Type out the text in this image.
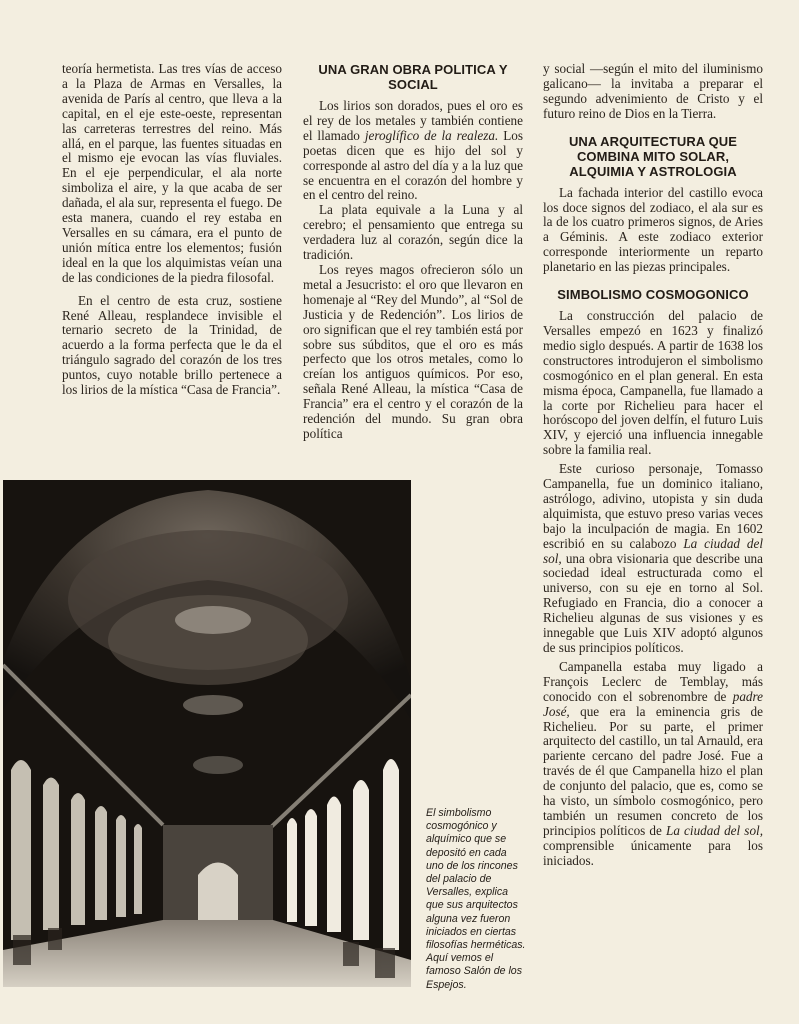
teoría hermetista. Las tres vías de acceso a la Plaza de Armas en Versalles, la avenida de París al centro, que lleva a la capital, en el eje este-oeste, representan las carreteras terrestres del reino. Más allá, en el parque, las fuentes situadas en el mismo eje evocan las vías fluviales. En el eje perpendicular, el ala norte simboliza el aire, y la que acaba de ser dañada, el ala sur, representa el fuego. De esta manera, cuando el rey estaba en Versalles en su cámara, era el punto de unión mítica entre los elementos; fusión ideal en la que los alquimistas veían una de las condiciones de la piedra filosofal.

En el centro de esta cruz, sostiene René Alleau, resplandece invisible el ternario secreto de la Trinidad, de acuerdo a la forma perfecta que le da el triángulo sagrado del corazón de los tres puntos, cuyo notable brillo pertenece a los lirios de la mística “Casa de Francia”.

UNA GRAN OBRA POLITICA Y SOCIAL

Los lirios son dorados, pues el oro es el rey de los metales y también contiene el llamado jeroglífico de la realeza. Los poetas dicen que es hijo del sol y corresponde al astro del día y a la luz que se encuentra en el corazón del hombre y en el centro del reino.

La plata equivale a la Luna y al cerebro; el pensamiento que entrega su verdadera luz al corazón, según dice la tradición.

Los reyes magos ofrecieron sólo un metal a Jesucristo: el oro que llevaron en homenaje al “Rey del Mundo”, al “Sol de Justicia y de Redención”. Los lirios de oro significan que el rey también está por sobre sus súbditos, que el oro es más perfecto que los otros metales, como lo creían los antiguos químicos. Por eso, señala René Alleau, la mística “Casa de Francia” era el centro y el corazón de la redención del mundo. Su gran obra política

y social —según el mito del iluminismo galicano— la invitaba a preparar el segundo advenimiento de Cristo y el futuro reino de Dios en la Tierra.

UNA ARQUITECTURA QUE COMBINA MITO SOLAR, ALQUIMIA Y ASTROLOGIA

La fachada interior del castillo evoca los doce signos del zodiaco, el ala sur es la de los cuatro primeros signos, de Aries a Géminis. A este zodiaco exterior corresponde interiormente un reparto planetario en las piezas principales.

SIMBOLISMO COSMOGONICO

La construcción del palacio de Versalles empezó en 1623 y finalizó medio siglo después. A partir de 1638 los constructores introdujeron el simbolismo cosmogónico en el plan general. En esta misma época, Campanella, fue llamado a la corte por Richelieu para hacer el horóscopo del joven delfín, el futuro Luis XIV, y ejerció una influencia innegable sobre la familia real.

Este curioso personaje, Tomasso Campanella, fue un dominico italiano, astrólogo, adivino, utopista y sin duda alquimista, que estuvo preso varias veces bajo la inculpación de magia. En 1602 escribió en su calabozo La ciudad del sol, una obra visionaria que describe una sociedad ideal estructurada como el universo, con su eje en torno al Sol. Refugiado en Francia, dio a conocer a Richelieu algunas de sus visiones y es innegable que Luis XIV adoptó algunos de sus principios políticos.

Campanella estaba muy ligado a François Leclerc de Temblay, más conocido con el sobrenombre de padre José, que era la eminencia gris de Richelieu. Por su parte, el primer arquitecto del castillo, un tal Arnauld, era pariente cercano del padre José. Fue a través de él que Campanella hizo el plan de conjunto del palacio, que es, como se ha visto, un símbolo cosmogónico, pero también un resumen concreto de los principios políticos de La ciudad del sol, comprensible únicamente para los iniciados.

El simbolismo cosmogónico y alquímico que se depositó en cada uno de los rincones del palacio de Versalles, explica que sus arquitectos alguna vez fueron iniciados en ciertas filosofías herméticas. Aquí vemos el famoso Salón de los Espejos.
